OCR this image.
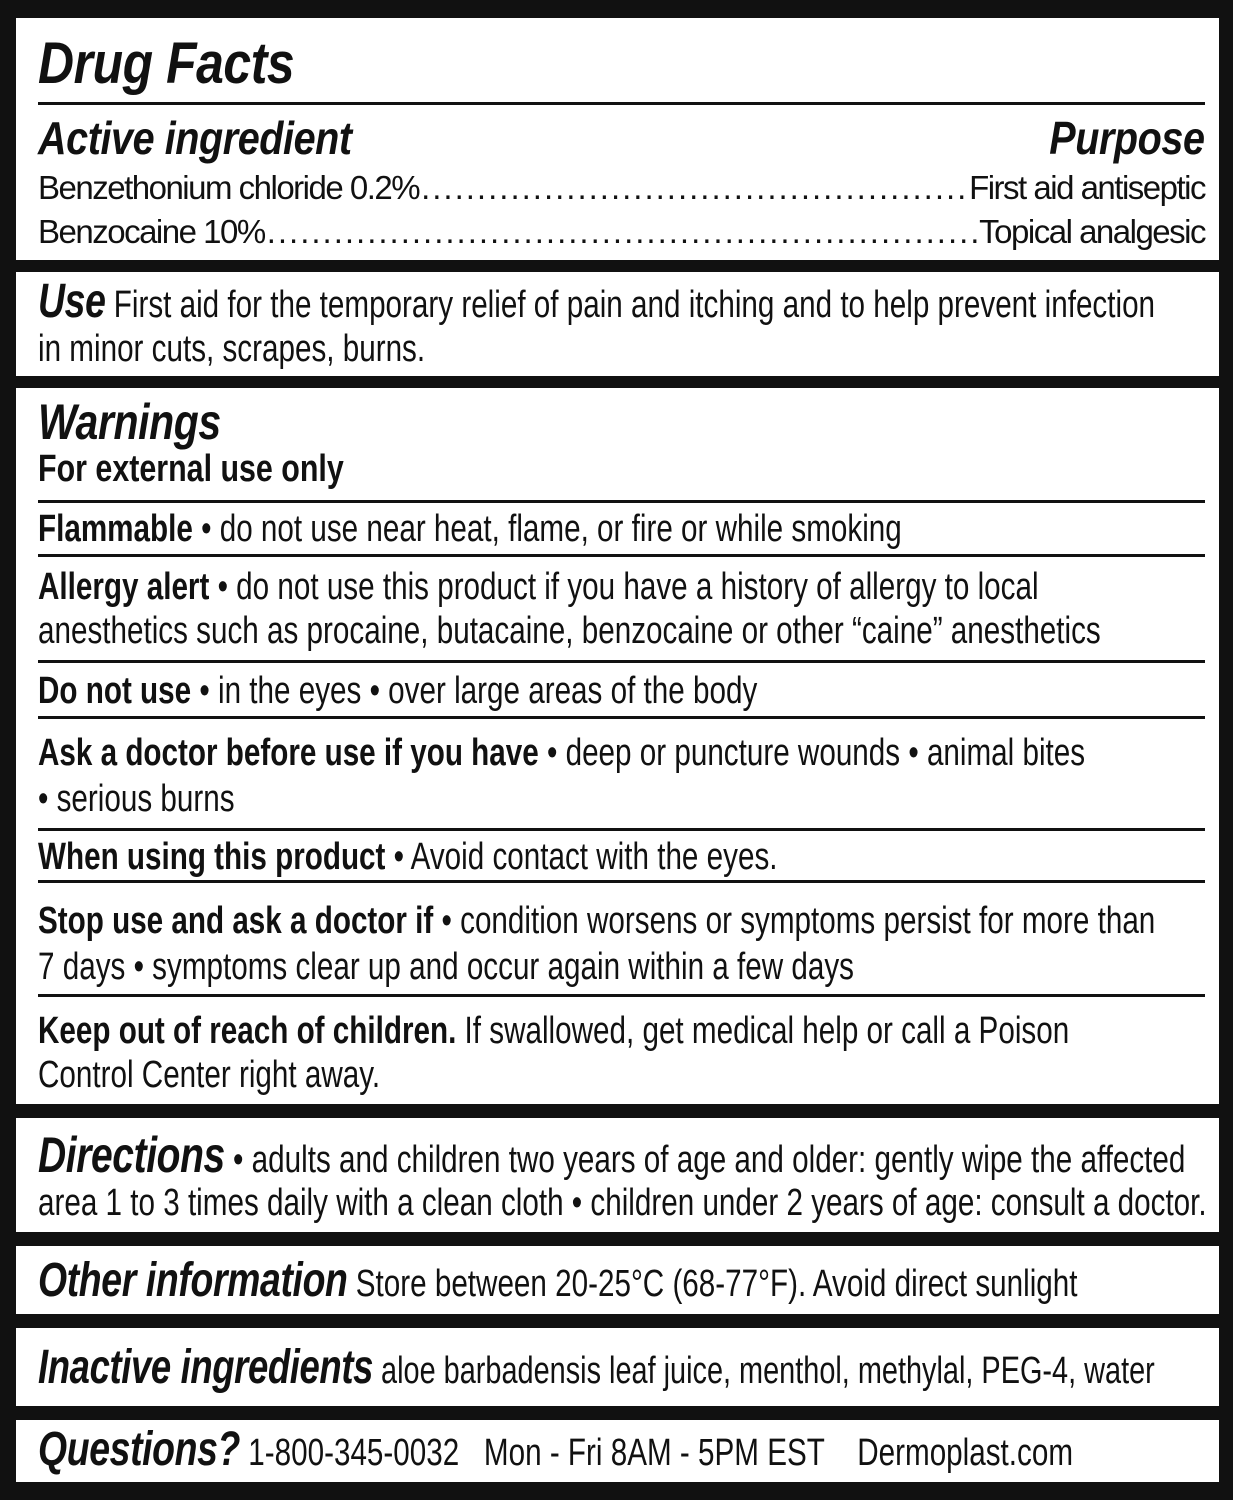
Drug Facts
Active ingredient	Purpose
Benzethonium chloride 0.2% .....	First aid antiseptic
Benzocaine 10% .....	Topical analgesic
Use First aid for the temporary relief of pain and itching and to help prevent infection
in minor cuts, scrapes, burns.
Warnings
For external use only
Flammable • do not use near heat, flame, or fire or while smoking
Allergy alert • do not use this product if you have a history of allergy to local
anesthetics such as procaine, butacaine, benzocaine or other “caine” anesthetics
Do not use • in the eyes • over large areas of the body
Ask a doctor before use if you have • deep or puncture wounds • animal bites
• serious burns
When using this product • Avoid contact with the eyes.
Stop use and ask a doctor if • condition worsens or symptoms persist for more than
7 days • symptoms clear up and occur again within a few days
Keep out of reach of children. If swallowed, get medical help or call a Poison
Control Center right away.
Directions • adults and children two years of age and older: gently wipe the affected
area 1 to 3 times daily with a clean cloth • children under 2 years of age: consult a doctor.
Other information Store between 20-25°C (68-77°F). Avoid direct sunlight
Inactive ingredients aloe barbadensis leaf juice, menthol, methylal, PEG-4, water
Questions? 1-800-345-0032   Mon - Fri 8AM - 5PM EST    Dermoplast.com
